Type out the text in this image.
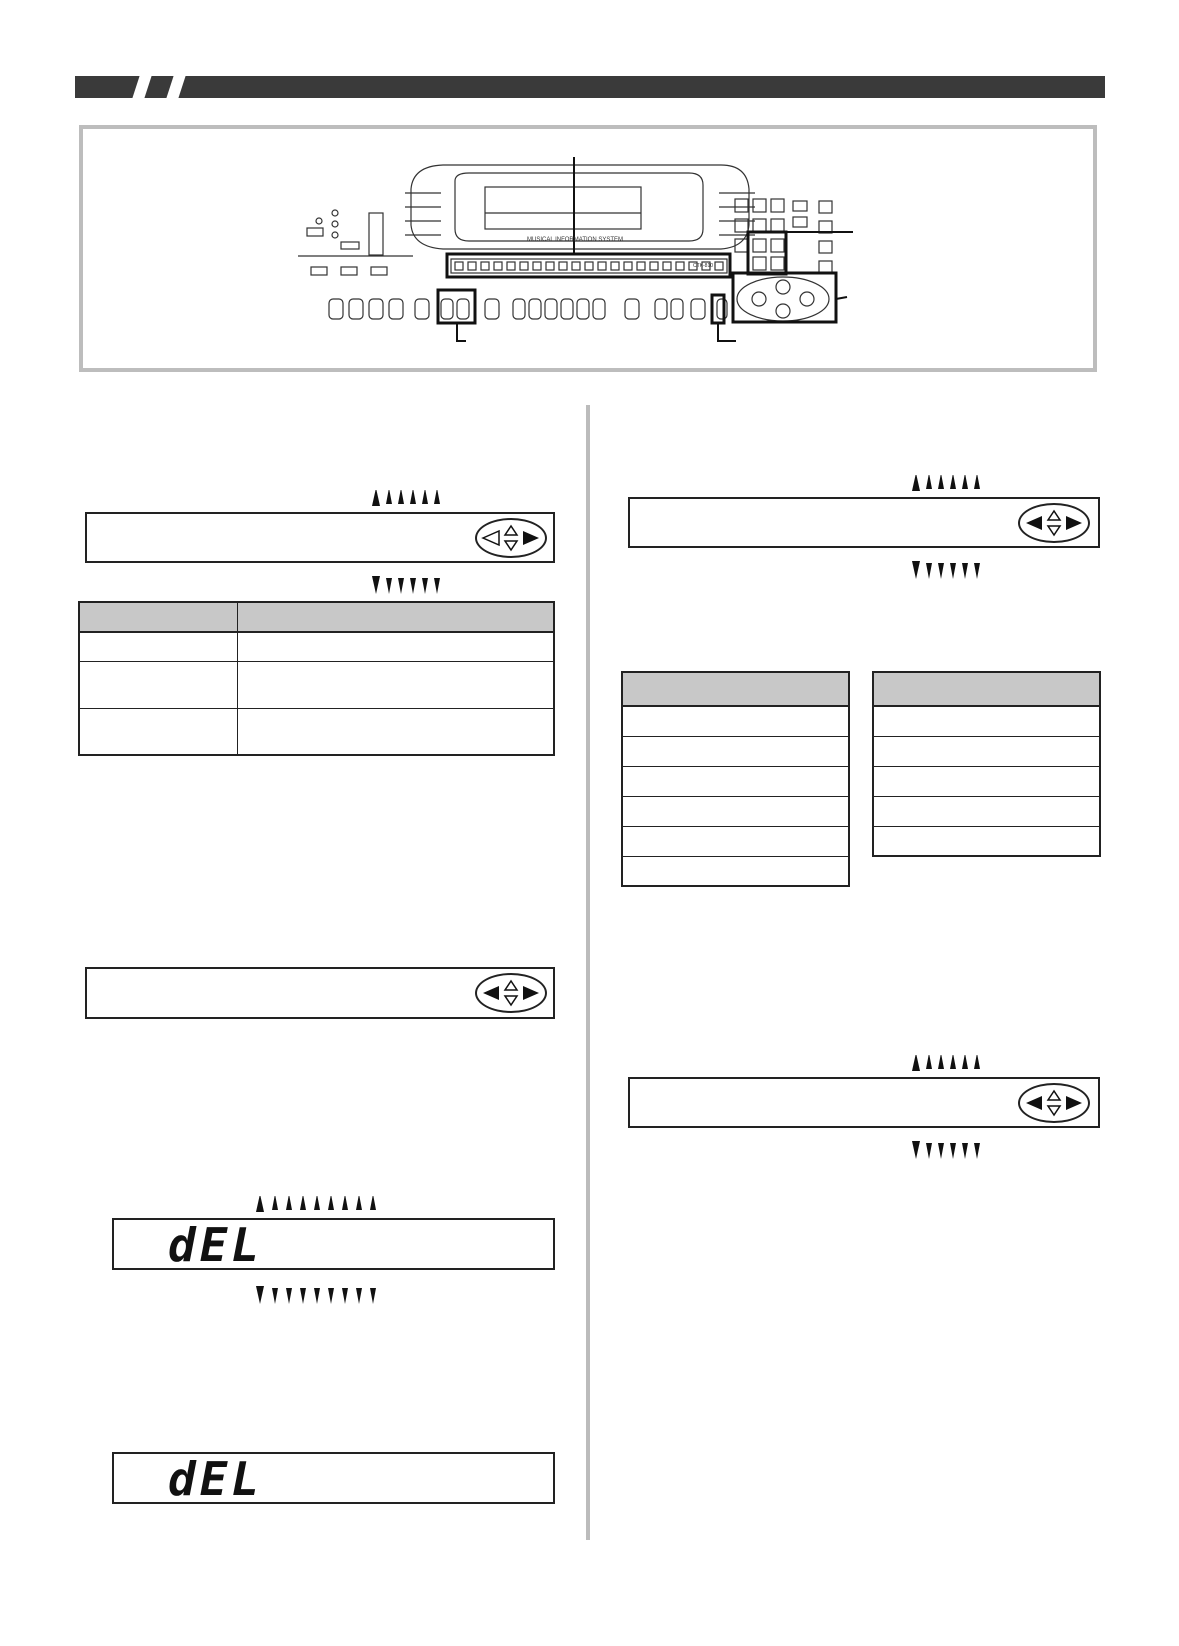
MUSICAL INFORMATION SYSTEM
CTK-810

dEL
dEL
